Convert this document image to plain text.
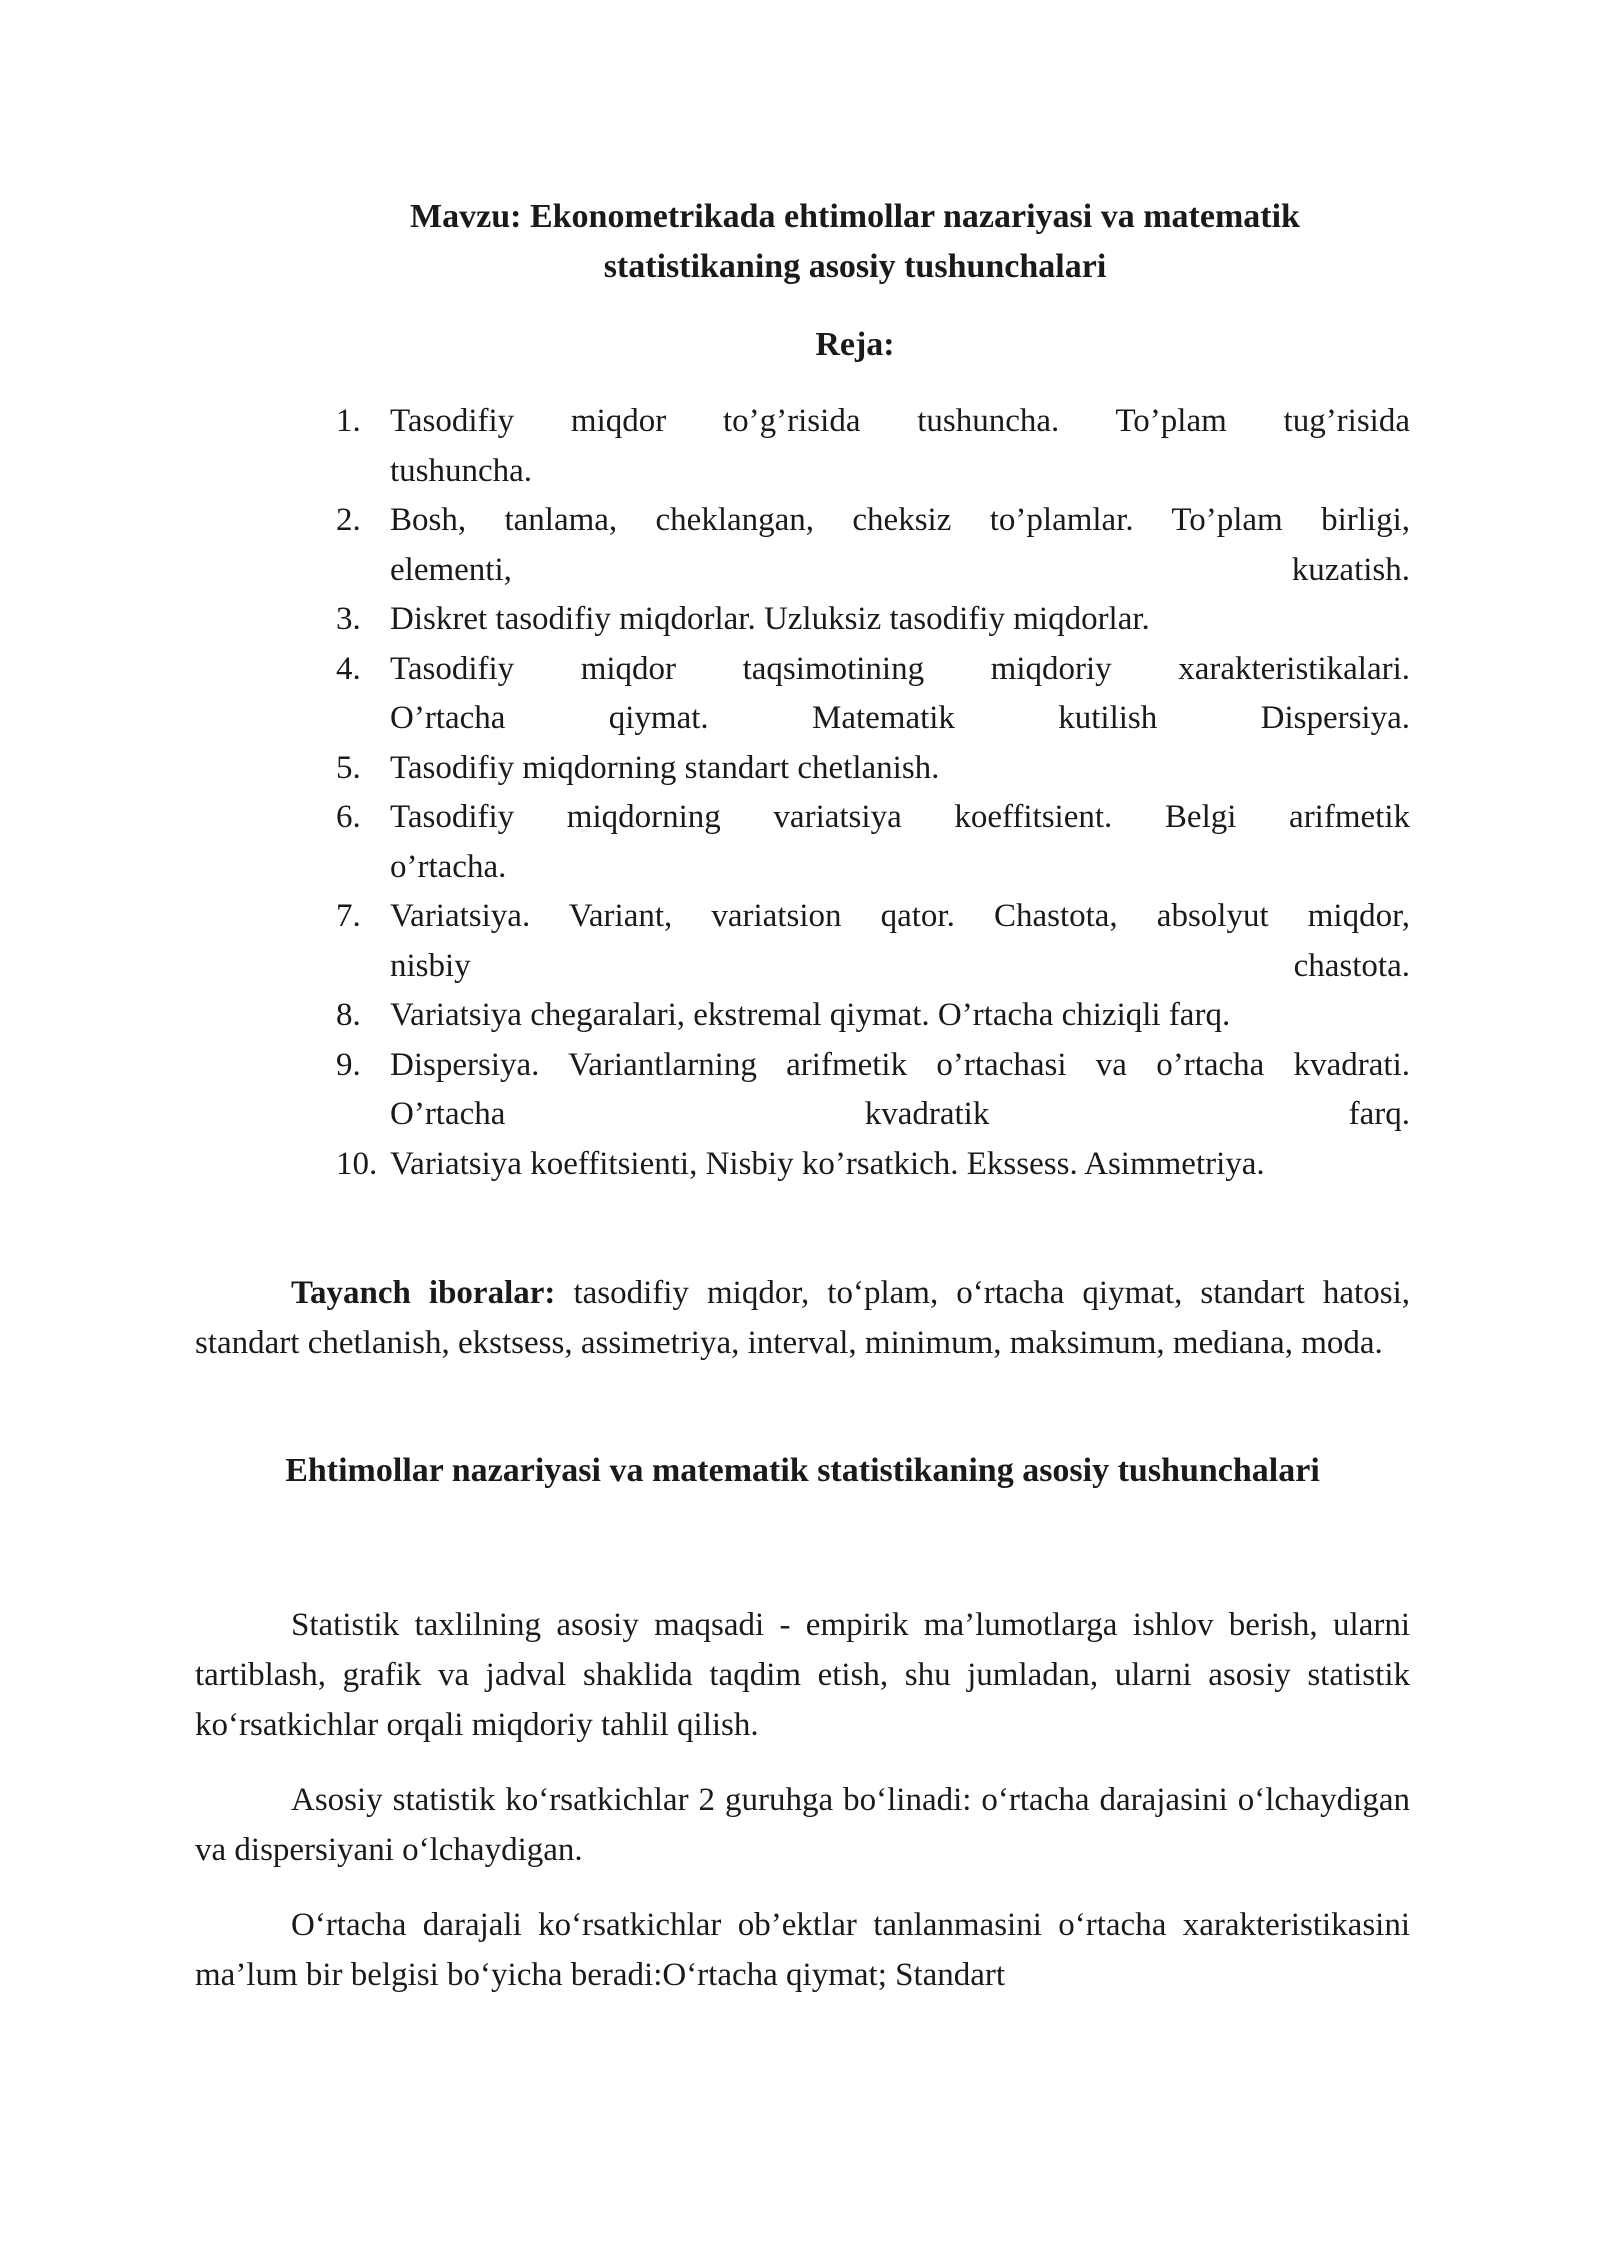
Mavzu: Ekonometrikada ehtimollar nazariyasi va matematik
statistikaning asosiy tushunchalari
Reja:
1. Tasodifiy miqdor to’g’risida tushuncha. To’plam tug’risida
tushuncha.
2. Bosh, tanlama, cheklangan, cheksiz to’plamlar. To’plam birligi,
elementi, kuzatish.
3. Diskret tasodifiy miqdorlar. Uzluksiz tasodifiy miqdorlar.
4. Tasodifiy miqdor taqsimotining miqdoriy xarakteristikalari.
O’rtacha qiymat. Matematik kutilish Dispersiya.
5. Tasodifiy miqdorning standart chetlanish.
6. Tasodifiy miqdorning variatsiya koeffitsient. Belgi arifmetik
o’rtacha.
7. Variatsiya. Variant, variatsion qator. Chastota, absolyut miqdor,
nisbiy chastota.
8. Variatsiya chegaralari, ekstremal qiymat. O’rtacha chiziqli farq.
9. Dispersiya. Variantlarning arifmetik o’rtachasi va o’rtacha kvadrati.
O’rtacha kvadratik farq.
10. Variatsiya koeffitsienti, Nisbiy ko’rsatkich. Ekssess. Asimmetriya.

Tayanch iboralar: tasodifiy miqdor, to‘plam, o‘rtacha qiymat, standart hatosi, standart chetlanish, ekstsess, assimetriya, interval, minimum, maksimum, mediana, moda.

Ehtimollar nazariyasi va matematik statistikaning asosiy tushunchalari

Statistik taxlilning asosiy maqsadi - empirik ma’lumotlarga ishlov berish, ularni tartiblash, grafik va jadval shaklida taqdim etish, shu jumladan, ularni asosiy statistik ko‘rsatkichlar orqali miqdoriy tahlil qilish.

Asosiy statistik ko‘rsatkichlar 2 guruhga bo‘linadi: o‘rtacha darajasini o‘lchaydigan va dispersiyani o‘lchaydigan.

O‘rtacha darajali ko‘rsatkichlar ob’ektlar tanlanmasini o‘rtacha xarakteristikasini ma’lum bir belgisi bo‘yicha beradi:O‘rtacha qiymat; Standart
